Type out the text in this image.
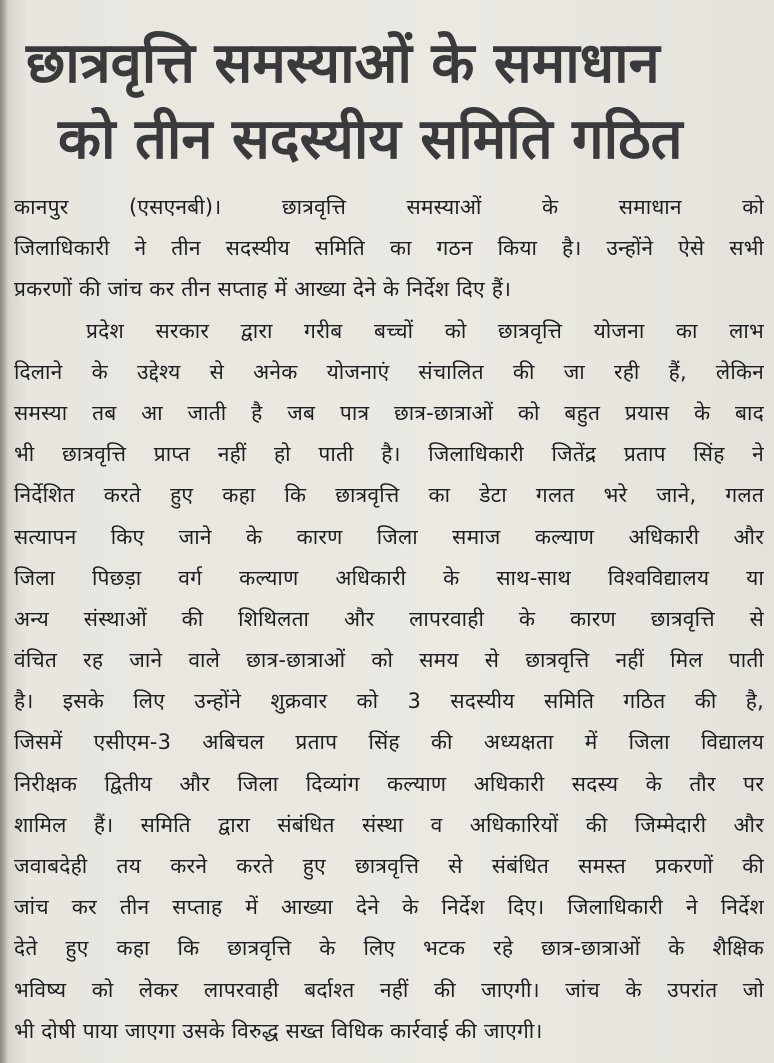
छात्रवृत्ति समस्याओं के समाधान
को तीन सदस्यीय समिति गठित
कानपुर (एसएनबी)। छात्रवृत्ति समस्याओं के समाधान को
जिलाधिकारी ने तीन सदस्यीय समिति का गठन किया है। उन्होंने ऐसे सभी
प्रकरणों की जांच कर तीन सप्ताह में आख्या देने के निर्देश दिए हैं।
प्रदेश सरकार द्वारा गरीब बच्चों को छात्रवृत्ति योजना का लाभ
दिलाने के उद्देश्य से अनेक योजनाएं संचालित की जा रही हैं, लेकिन
समस्या तब आ जाती है जब पात्र छात्र-छात्राओं को बहुत प्रयास के बाद
भी छात्रवृत्ति प्राप्त नहीं हो पाती है। जिलाधिकारी जितेंद्र प्रताप सिंह ने
निर्देशित करते हुए कहा कि छात्रवृत्ति का डेटा गलत भरे जाने, गलत
सत्यापन किए जाने के कारण जिला समाज कल्याण अधिकारी और
जिला पिछड़ा वर्ग कल्याण अधिकारी के साथ-साथ विश्वविद्यालय या
अन्य संस्थाओं की शिथिलता और लापरवाही के कारण छात्रवृत्ति से
वंचित रह जाने वाले छात्र-छात्राओं को समय से छात्रवृत्ति नहीं मिल पाती
है। इसके लिए उन्होंने शुक्रवार को 3 सदस्यीय समिति गठित की है,
जिसमें एसीएम-3 अबिचल प्रताप सिंह की अध्यक्षता में जिला विद्यालय
निरीक्षक द्वितीय और जिला दिव्यांग कल्याण अधिकारी सदस्य के तौर पर
शामिल हैं। समिति द्वारा संबंधित संस्था व अधिकारियों की जिम्मेदारी और
जवाबदेही तय करने करते हुए छात्रवृत्ति से संबंधित समस्त प्रकरणों की
जांच कर तीन सप्ताह में आख्या देने के निर्देश दिए। जिलाधिकारी ने निर्देश
देते हुए कहा कि छात्रवृत्ति के लिए भटक रहे छात्र-छात्राओं के शैक्षिक
भविष्य को लेकर लापरवाही बर्दाश्त नहीं की जाएगी। जांच के उपरांत जो
भी दोषी पाया जाएगा उसके विरुद्ध सख्त विधिक कार्रवाई की जाएगी।
